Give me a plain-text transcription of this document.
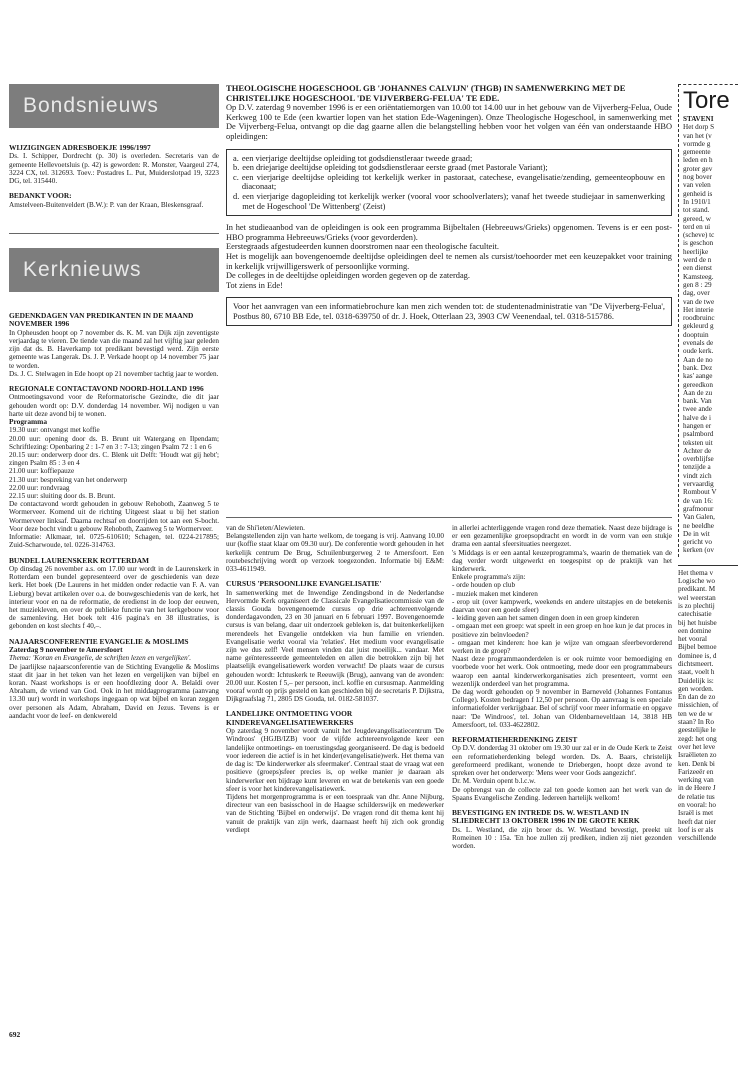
Bondsnieuws

WIJZIGINGEN ADRESBOEKJE 1996/1997

Ds. I. Schipper, Dordrecht (p. 30) is overleden. Secretaris van de gemeente Hellevoetsluis (p. 42) is geworden: R. Monster, Vaargeul 274, 3224 CX, tel. 312693. Toev.: Postadres L. Put, Muiderslotpad 19, 3223 DG, tel. 315440.

BEDANKT VOOR:

Amstelveen-Buitenveldert (B.W.): P. van der Kraan, Bleskensgraaf.

Kerknieuws

GEDENKDAGEN VAN PREDIKANTEN IN DE MAAND NOVEMBER 1996

In Opheusden hoopt op 7 november ds. K. M. van Dijk zijn zeventigste verjaardag te vieren. De tiende van die maand zal het vijftig jaar geleden zijn dat ds. B. Haverkamp tot predikant bevestigd werd. Zijn eerste gemeente was Langerak. Ds. J. P. Verkade hoopt op 14 november 75 jaar te worden.

Ds. J. C. Stelwagen in Ede hoopt op 21 november tachtig jaar te worden.

REGIONALE CONTACTAVOND NOORD-HOLLAND 1996

Ontmoetingsavond voor de Reformatorische Gezindte, die dit jaar gehouden wordt op: D.V. donderdag 14 november. Wij nodigen u van harte uit deze avond bij te wonen.

Programma

19.30 uur: ontvangst met koffie

20.00 uur: opening door ds. B. Brunt uit Watergang en Ilpendam; Schriftlezing: Openbaring 2 : 1-7 en 3 : 7-13; zingen Psalm 72 : 1 en 6

20.15 uur: onderwerp door drs. C. Blenk uit Delft: 'Houdt wat gij hebt'; zingen Psalm 85 : 3 en 4

21.00 uur: koffiepauze

21.30 uur: bespreking van het onderwerp

22.00 uur: rondvraag

22.15 uur: sluiting door ds. B. Brunt.

De contactavond wordt gehouden in gebouw Rehoboth, Zaanweg 5 te Wormerveer. Komend uit de richting Uitgeest slaat u bij het station Wormerveer linksaf. Daarna rechtsaf en doorrijden tot aan een S-bocht. Voor deze bocht vindt u gebouw Rehoboth, Zaanweg 5 te Wormerveer.

Informatie: Alkmaar, tel. 0725-610610; Schagen, tel. 0224-217895; Zuid-Scharwoude, tel. 0226-314763.

BUNDEL LAURENSKERK ROTTERDAM

Op dinsdag 26 november a.s. om 17.00 uur wordt in de Laurenskerk in Rotterdam een bundel gepresenteerd over de geschiedenis van deze kerk. Het boek (De Laurens in het midden onder redactie van F. A. van Lieburg) bevat artikelen over o.a. de bouwgeschiedenis van de kerk, het interieur voor en na de reformatie, de eredienst in de loop der eeuwen, het muziekleven, en over de publieke functie van het kerkgebouw voor de samenleving. Het boek telt 416 pagina's en 38 illustraties, is gebonden en kost slechts f 40,–.

NAJAARSCONFERENTIE EVANGELIE & MOSLIMS

Zaterdag 9 november te Amersfoort

Thema: 'Koran en Evangelie, de schriften lezen en vergelijken'.

De jaarlijkse najaarsconferentie van de Stichting Evangelie & Moslims staat dit jaar in het teken van het lezen en vergelijken van bijbel en koran. Naast workshops is er een hoofdlezing door A. Belaïdi over Abraham, de vriend van God. Ook in het middagprogramma (aanvang 13.30 uur) wordt in workshops ingegaan op wat bijbel en koran zeggen over personen als Adam, Abraham, David en Jezus. Tevens is er aandacht voor de leef- en denkwereld

692

THEOLOGISCHE HOGESCHOOL GB 'JOHANNES CALVIJN' (THGB) IN SAMENWERKING MET DE CHRISTELIJKE HOGESCHOOL 'DE VIJVERBERG-FELUA' TE EDE.

Op D.V. zaterdag 9 november 1996 is er een oriëntatiemorgen van 10.00 tot 14.00 uur in het gebouw van de Vijverberg-Felua, Oude Kerkweg 100 te Ede (een kwartier lopen van het station Ede-Wageningen). Onze Theologische Hogeschool, in samenwerking met De Vijverberg-Felua, ontvangt op die dag gaarne allen die belangstelling hebben voor het volgen van één van onderstaande HBO opleidingen:

a. een vierjarige deeltijdse opleiding tot godsdienstleraar tweede graad;
b. een driejarige deeltijdse opleiding tot godsdienstleraar eerste graad (met Pastorale Variant);
c. een vierjarige deeltijdse opleiding tot kerkelijk werker in pastoraat, catechese, evangelisatie/zending, gemeenteopbouw en diaconaat;
d. een vierjarige dagopleiding tot kerkelijk werker (vooral voor schoolverlaters); vanaf het tweede studiejaar in samenwerking met de Hogeschool 'De Wittenberg' (Zeist)

In het studieaanbod van de opleidingen is ook een programma Bijbeltalen (Hebreeuws/Grieks) opgenomen. Tevens is er een post-HBO programma Hebreeuws/Grieks (voor gevorderden).

Eerstegraads afgestudeerden kunnen doorstromen naar een theologische faculteit.

Het is mogelijk aan bovengenoemde deeltijdse opleidingen deel te nemen als cursist/toehoorder met een keuzepakket voor training in kerkelijk vrijwilligerswerk of persoonlijke vorming.

De colleges in de deeltijdse opleidingen worden gegeven op de zaterdag.

Tot ziens in Ede!

Voor het aanvragen van een informatiebrochure kan men zich wenden tot: de studentenadministratie van ''De Vijverberg-Felua', Postbus 80, 6710 BB Ede, tel. 0318-639750 of dr. J. Hoek, Otterlaan 23, 3903 CW Veenendaal, tel. 0318-515786.

van de Shi'ieten/Alewieten.

Belangstellenden zijn van harte welkom, de toegang is vrij. Aanvang 10.00 uur (koffie staat klaar om 09.30 uur). De conferentie wordt gehouden in het kerkelijk centrum De Brug, Schuilenburgerweg 2 te Amersfoort. Een routebeschrijving wordt op verzoek toegezonden. Informatie bij E&M: 033-4611949.

CURSUS 'PERSOONLIJKE EVANGELISATIE'

In samenwerking met de Inwendige Zendingsbond in de Nederlandse Hervormde Kerk organiseert de Classicale Evangelisatiecommissie van de classis Gouda bovengenoemde cursus op drie achtereenvolgende donderdagavonden, 23 en 30 januari en 6 februari 1997. Bovengenoemde cursus is van belang, daar uit onderzoek gebleken is, dat buitenkerkelijken merendeels het Evangelie ontdekken via hun familie en vrienden. Evangelisatie werkt vooral via 'relaties'. Het medium voor evangelisatie zijn we dus zelf! Veel mensen vinden dat juist moeilijk... vandaar. Met name geïnteresseerde gemeenteleden en allen die betrokken zijn bij het plaatselijk evangelisatiewerk worden verwacht! De plaats waar de cursus gehouden wordt: Ichtuskerk te Reeuwijk (Brug), aanvang van de avonden: 20.00 uur. Kosten f 5,– per persoon, incl. koffie en cursusmap. Aanmelding vooraf wordt op prijs gesteld en kan geschieden bij de secretaris P. Dijkstra, Dijkgraafslag 71, 2805 DS Gouda, tel. 0182-581037.

LANDELIJKE ONTMOETING VOOR KINDEREVANGELISATIEWERKERS

Op zaterdag 9 november wordt vanuit het Jeugdevangelisatiecentrum 'De Windroos' (HGJB/IZB) voor de vijfde achtereenvolgende keer een landelijke ontmoetings- en toerustingsdag georganiseerd. De dag is bedoeld voor iedereen die actief is in het kinder(evangelisatie)werk. Het thema van de dag is: 'De kinderwerker als sfeermaker'. Centraal staat de vraag wat een positieve (groeps)sfeer precies is, op welke manier je daaraan als kinderwerker een bijdrage kunt leveren en wat de betekenis van een goede sfeer is voor het kinderevangelisatiewerk.

Tijdens het morgenprogramma is er een toespraak van dhr. Anne Nijburg, directeur van een basisschool in de Haagse schilderswijk en medewerker van de Stichting 'Bijbel en onderwijs'. De vragen rond dit thema kent hij vanuit de praktijk van zijn werk, daarnaast heeft hij zich ook grondig verdiept

in allerlei achterliggende vragen rond deze thematiek. Naast deze bijdrage is er een gezamenlijke groepsopdracht en wordt in de vorm van een stukje drama een aantal sfeersituaties neergezet.

's Middags is er een aantal keuzeprogramma's, waarin de thematiek van de dag verder wordt uitgewerkt en toegespitst op de praktijk van het kinderwerk.

Enkele programma's zijn:

- orde houden op club

- muziek maken met kinderen

- erop uit (over kampwerk, weekends en andere uitstapjes en de betekenis daarvan voor een goede sfeer)

- leiding geven aan het samen dingen doen in een groep kinderen

- omgaan met een groep: wat speelt in een groep en hoe kun je dat proces in positieve zin beïnvloeden?

- omgaan met kinderen: hoe kan je wijze van omgaan sfeerbevorderend werken in de groep?

Naast deze programmaonderdelen is er ook ruimte voor bemoediging en voorbede voor het werk. Ook ontmoeting, mede door een programmabeurs waarop een aantal kinderwerkorganisaties zich presenteert, vormt een wezenlijk onderdeel van het programma.

De dag wordt gehouden op 9 november in Barneveld (Johannes Fontanus College). Kosten bedragen f 12,50 per persoon. Op aanvraag is een speciale informatiefolder verkrijgbaar. Bel of schrijf voor meer informatie en opgave naar: 'De Windroos', tel. Johan van Oldenbarneveltlaan 14, 3818 HB Amersfoort, tel. 033-4622802.

REFORMATIEHERDENKING ZEIST

Op D.V. donderdag 31 oktober om 19.30 uur zal er in de Oude Kerk te Zeist een reformatieherdenking belegd worden. Ds. A. Baars, christelijk gereformeerd predikant, wonende te Driebergen, hoopt deze avond te spreken over het onderwerp: 'Mens weer voor Gods aangezicht'.

Dr. M. Verduin opent b.l.c.w.

De opbrengst van de collecte zal ten goede komen aan het werk van de Spaans Evangelische Zending. Iedereen hartelijk welkom!

BEVESTIGING EN INTREDE DS. W. WESTLAND IN SLIEDRECHT 13 OKTOBER 1996 IN DE GROTE KERK

Ds. L. Westland, die zijn broer ds. W. Westland bevestigt, preekt uit Romeinen 10 : 15a. 'En hoe zullen zij prediken, indien zij niet gezonden worden.

Tore

STAVENI

Het dorp S

van het (v

vormde g

gemeente

leden en h

groter gev

nog bover

van velen

genheid is

In 1910/1

tot stand.

gereed, w

terd en ui

(scheve) tc

is geschon

heerlijke

werd de n

een dienst

Kamsteeg.

gen 8 : 29

dag, over

van de twe

Het interie

roodbruinc

gekleurd g

dooptuin

evenals de

oude kerk.

Aan de no

bank. Dez

kas' aange

gereedkon

Aan de zu

bank. Van

twee ande

halve de i

hangen er

psalmbord

teksten uit

Achter de

overblijfse

tenzijde a

vindt zich

vervaardig

Rombout V

de van 16:

grafmonur

Van Galen,

ne beeldhe

De in wit

gericht vo

kerken (ov

Het thema v

Logische wo

predikant. M

wel weerstan

is zo plechtij

catechisatie

bij het huisbe

een domine

het vooral

Bijbel bemoe

dominee is, d

dichtsmeert.

staat, voelt h

Duidelijk is:

gen worden.

En dan de zo

missichien, of

ten we de w

staan? In Ro

geestelijke le

zegd: het ong

over het leve

Israëlieten zo

ken. Denk bi

Farizeeër en

werking van

in de Heere J

de relatie tus

en vooral: ho

Israël is met

heeft dat nier

loof is er als

verschillende
